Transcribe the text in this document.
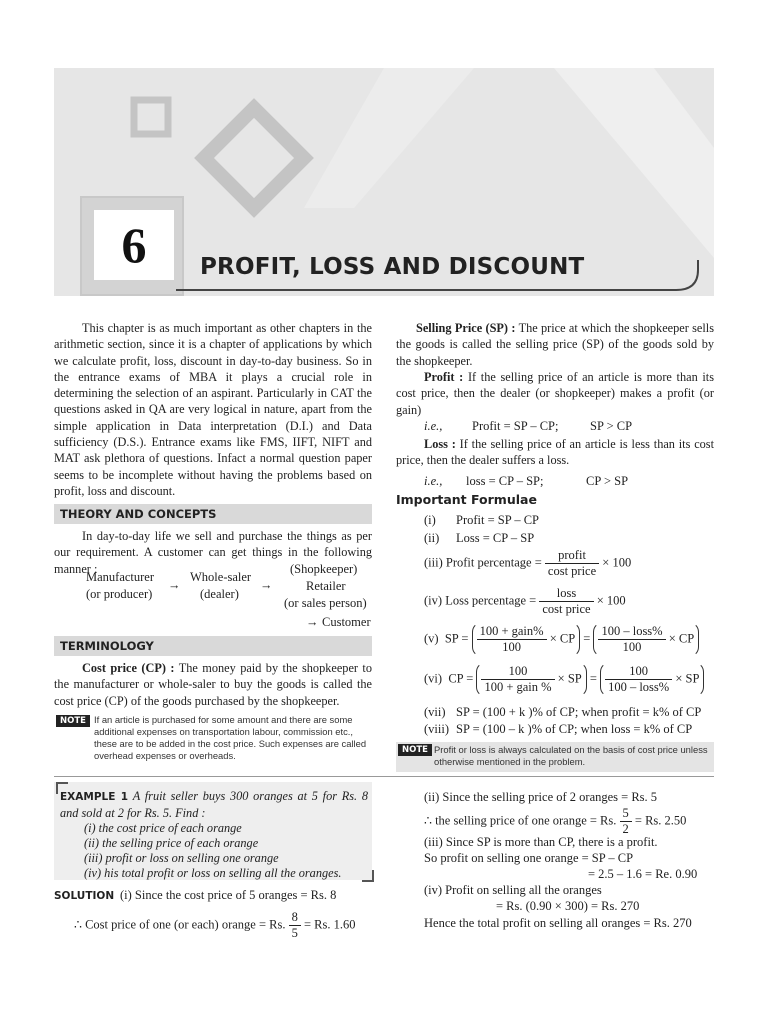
6	PROFIT, LOSS AND DISCOUNT
This chapter is as much important as other chapters in the arithmetic section, since it is a chapter of applications by which we calculate profit, loss, discount in day-to-day business. So in the entrance exams of MBA it plays a crucial role in determining the selection of an aspirant. Particularly in CAT the questions asked in QA are very logical in nature, apart from the simple application in Data interpretation (D.I.) and Data sufficiency (D.S.). Entrance exams like FMS, IIFT, NIFT and MAT ask plethora of questions. Infact a normal question paper seems to be incomplete without having the problems based on profit, loss and discount.
THEORY AND CONCEPTS
In day-to-day life we sell and purchase the things as per our requirement. A customer can get things in the following manner :
Manufacturer
(or producer)
→
Whole-saler
(dealer)
→
(Shopkeeper)
Retailer
(or sales person)
→ Customer
TERMINOLOGY
Cost price (CP) : The money paid by the shopkeeper to the manufacturer or whole-saler to buy the goods is called the cost price (CP) of the goods purchased by the shopkeeper.
NOTE If an article is purchased for some amount and there are some additional expenses on transportation labour, commission etc., these are to be added in the cost price. Such expenses are called overhead expenses or overheads.
Selling Price (SP) : The price at which the shopkeeper sells the goods is called the selling price (SP) of the goods sold by the shopkeeper.
Profit : If the selling price of an article is more than its cost price, then the dealer (or shopkeeper) makes a profit (or gain)
i.e., Profit = SP – CP;	SP > CP
Loss : If the selling price of an article is less than its cost price, then the dealer suffers a loss.
i.e., loss = CP – SP;	CP > SP
Important Formulae
(i) Profit = SP – CP
(ii) Loss = CP – SP
(iii) Profit percentage = $\frac{\text{profit}}{\text{cost price}} \times 100$
(iv) Loss percentage = $\frac{\text{loss}}{\text{cost price}} \times 100$
(v) SP = $\frac{\text{100 + gain\%}}{100}$ × CP = $\frac{\text{100 – loss\%}}{100}$ × CP
(vi) CP = $\frac{100}{\text{100 + gain \%}}$ × SP = $\frac{100}{\text{100 – loss\%}}$ × SP
(vii) SP = (100 + k )% of CP; when profit = k% of CP
(viii) SP = (100 – k )% of CP; when loss = k% of CP
NOTE Profit or loss is always calculated on the basis of cost price unless otherwise mentioned in the problem.
EXAMPLE 1 A fruit seller buys 300 oranges at 5 for Rs. 8 and sold at 2 for Rs. 5. Find :
(i) the cost price of each orange
(ii) the selling price of each orange
(iii) profit or loss on selling one orange
(iv) his total profit or loss on selling all the oranges.
SOLUTION (i) Since the cost price of 5 oranges = Rs. 8
∴ Cost price of one (or each) orange = Rs. $\frac{8}{5} = Rs$. 1.60
(ii) Since the selling price of 2 oranges = Rs. 5
∴ the selling price of one orange = Rs. $\frac{5}{2} = Rs$. 2.50
(iii) Since SP is more than CP, there is a profit.
So profit on selling one orange = SP – CP
= 2.5 – 1.6 = Re. 0.90
(iv) Profit on selling all the oranges
= Rs. (0.90 × 300) = Rs. 270
Hence the total profit on selling all oranges = Rs. 270
